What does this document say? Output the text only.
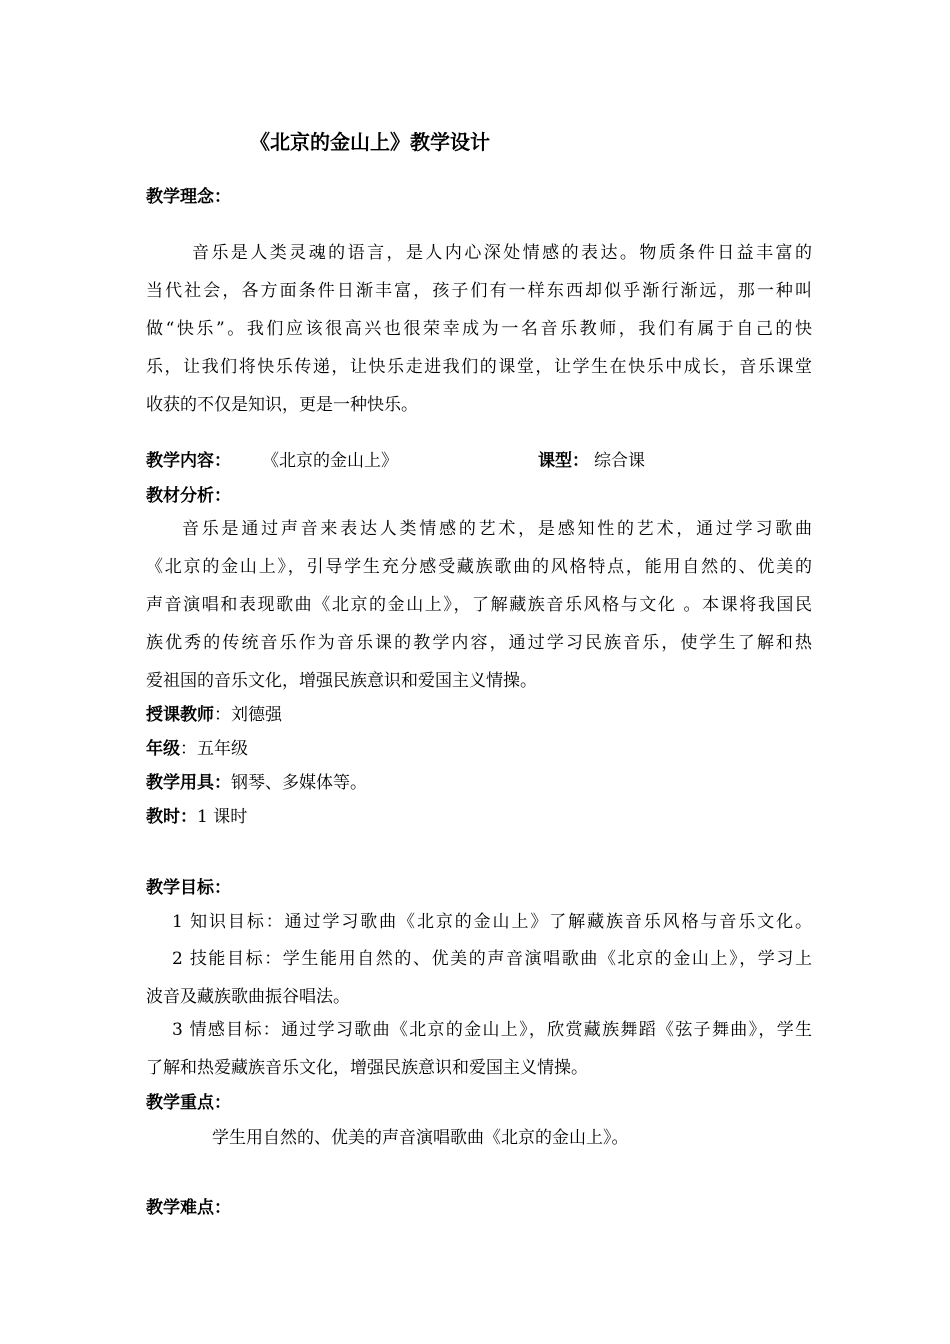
《北京的金山上》教学设计
教学理念：
音乐是人类灵魂的语言，是人内心深处情感的表达。物质条件日益丰富的
当代社会，各方面条件日渐丰富，孩子们有一样东西却似乎渐行渐远，那一种叫
做“快乐”。我们应该很高兴也很荣幸成为一名音乐教师，我们有属于自己的快
乐，让我们将快乐传递，让快乐走进我们的课堂，让学生在快乐中成长，音乐课堂
收获的不仅是知识，更是一种快乐。
教学内容：	《北京的金山上》	课型： 综合课
教材分析：
音乐是通过声音来表达人类情感的艺术，是感知性的艺术，通过学习歌曲
《北京的金山上》，引导学生充分感受藏族歌曲的风格特点，能用自然的、优美的
声音演唱和表现歌曲《北京的金山上》，了解藏族音乐风格与文化 。本课将我国民
族优秀的传统音乐作为音乐课的教学内容，通过学习民族音乐，使学生了解和热
爱祖国的音乐文化，增强民族意识和爱国主义情操。
授课教师：刘德强
年级：五年级
教学用具：钢琴、多媒体等。
教时：1 课时
教学目标：
1 知识目标：通过学习歌曲《北京的金山上》了解藏族音乐风格与音乐文化。
2 技能目标：学生能用自然的、优美的声音演唱歌曲《北京的金山上》，学习上
波音及藏族歌曲振谷唱法。
3 情感目标：通过学习歌曲《北京的金山上》，欣赏藏族舞蹈《弦子舞曲》，学生
了解和热爱藏族音乐文化，增强民族意识和爱国主义情操。
教学重点：
学生用自然的、优美的声音演唱歌曲《北京的金山上》。
教学难点：
